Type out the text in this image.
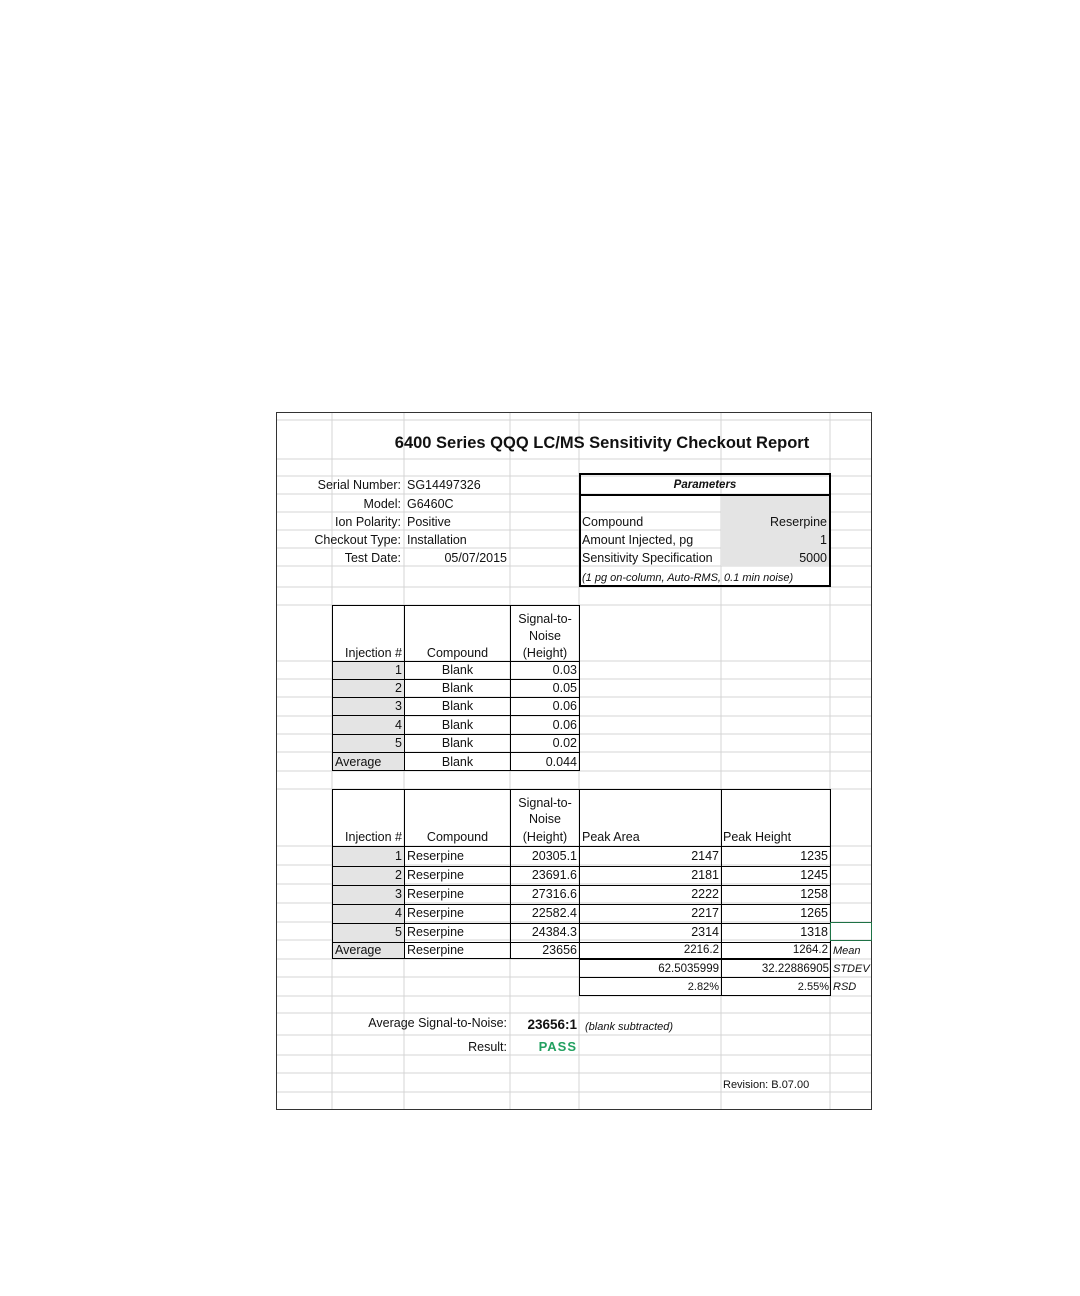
6400 Series QQQ LC/MS Sensitivity Checkout Report
Serial Number: SG14497326
Model: G6460C
Ion Polarity: Positive
Checkout Type: Installation
Test Date:	05/07/2015
Parameters
Compound	Reserpine
Amount Injected, pg	1
Sensitivity Specification	5000
(1 pg on-column, Auto-RMS, 0.1 min noise)
Injection #	Compound
Signal-to-
Noise
(Height)
1	Blank	0.03
2	Blank	0.05
3	Blank	0.06
4	Blank	0.06
5	Blank	0.02
Average	Blank	0.044
Injection #	Compound
Signal-to-
Noise
(Height)	Peak Area	Peak Height
1 Reserpine	20305.1	2147	1235
2 Reserpine	23691.6	2181	1245
3 Reserpine	27316.6	2222	1258
4 Reserpine	22582.4	2217	1265
5 Reserpine	24384.3	2314	1318
Average Reserpine	23656	2216.2	1264.2 Mean
62.5035999	32.22886905 STDEV
2.82%	2.55% RSD
Average Signal-to-Noise:	23656:1 (blank subtracted)
Result:	PASS
Revision: B.07.00
